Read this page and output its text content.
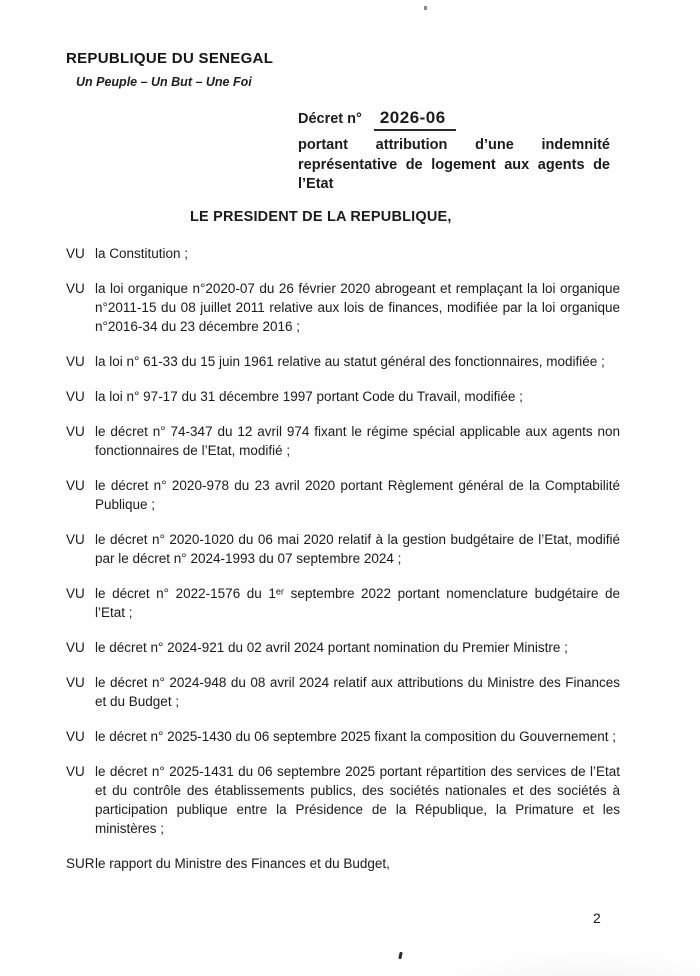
REPUBLIQUE DU SENEGAL
Un Peuple – Un But – Une Foi
Décret n° 2026-06
portant attribution d’une indemnité représentative de logement aux agents de l’Etat
LE PRESIDENT DE LA REPUBLIQUE,
VU la Constitution ;
VU la loi organique n°2020-07 du 26 février 2020 abrogeant et remplaçant la loi organique n°2011-15 du 08 juillet 2011 relative aux lois de finances, modifiée par la loi organique n°2016-34 du 23 décembre 2016 ;
VU la loi n° 61-33 du 15 juin 1961 relative au statut général des fonctionnaires, modifiée ;
VU la loi n° 97-17 du 31 décembre 1997 portant Code du Travail, modifiée ;
VU le décret n° 74-347 du 12 avril 974 fixant le régime spécial applicable aux agents non fonctionnaires de l’Etat, modifié ;
VU le décret n° 2020-978 du 23 avril 2020 portant Règlement général de la Comptabilité Publique ;
VU le décret n° 2020-1020 du 06 mai 2020 relatif à la gestion budgétaire de l’Etat, modifié par le décret n° 2024-1993 du 07 septembre 2024 ;
VU le décret n° 2022-1576 du 1ᵉʳ septembre 2022 portant nomenclature budgétaire de l’Etat ;
VU le décret n° 2024-921 du 02 avril 2024 portant nomination du Premier Ministre ;
VU le décret n° 2024-948 du 08 avril 2024 relatif aux attributions du Ministre des Finances et du Budget ;
VU le décret n° 2025-1430 du 06 septembre 2025 fixant la composition du Gouvernement ;
VU le décret n° 2025-1431 du 06 septembre 2025 portant répartition des services de l’Etat et du contrôle des établissements publics, des sociétés nationales et des sociétés à participation publique entre la Présidence de la République, la Primature et les ministères ;
SUR le rapport du Ministre des Finances et du Budget,
2
